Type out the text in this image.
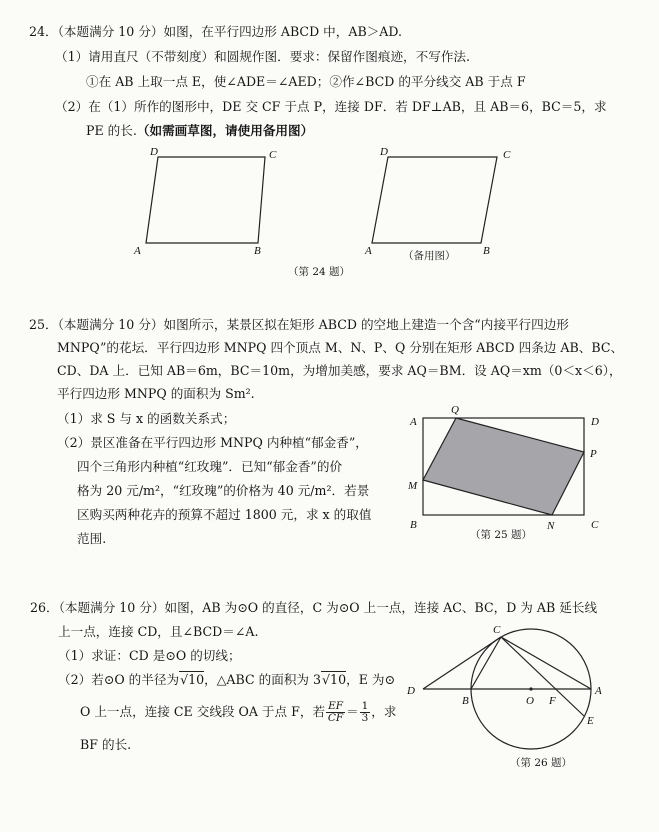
24．（本题满分 10 分）如图，在平行四边形 ABCD 中，AB＞AD.
（1）请用直尺（不带刻度）和圆规作图．要求：保留作图痕迹，不写作法.
①在 AB 上取一点 E，使∠ADE＝∠AED；②作∠BCD 的平分线交 AB 于点 F
（2）在（1）所作的图形中，DE 交 CF 于点 P，连接 DF．若 DF⊥AB，且 AB＝6，BC＝5，求
PE 的长.（如需画草图，请使用备用图）
A	B
C
D
A	B
C
D
（备用图）
（第 24 题）
25．（本题满分 10 分）如图所示，某景区拟在矩形 ABCD 的空地上建造一个含“内接平行四边形
MNPQ”的花坛．平行四边形 MNPQ 四个顶点 M、N、P、Q 分别在矩形 ABCD 四条边 AB、BC、
CD、DA 上．已知 AB＝6m，BC＝10m，为增加美感，要求 AQ＝BM．设 AQ＝xm（0＜x＜6），
平行四边形 MNPQ 的面积为 Sm².
（1）求 S 与 x 的函数关系式；
（2）景区准备在平行四边形 MNPQ 内种植“郁金香”，
四个三角形内种植“红玫瑰”．已知“郁金香”的价
格为 20 元/m²，“红玫瑰”的价格为 40 元/m²．若景
区购买两种花卉的预算不超过 1800 元，求 x 的取值
范围.
A	D
B	C
Q
P
M
N
（第 25 题）
26．（本题满分 10 分）如图，AB 为⊙O 的直径，C 为⊙O 上一点，连接 AC、BC，D 为 AB 延长线
上一点，连接 CD，且∠BCD＝∠A.
（1）求证：CD 是⊙O 的切线；
（2）若⊙O 的半径为√10，△ABC 的面积为 3√10，E 为⊙
O 上一点，连接 CE 交线段 OA 于点 F，若 $\frac{EF}{CF} = \frac{1}{3}$ ，求
BF 的长.
D
B	O F
A
C
E
（第 26 题）
